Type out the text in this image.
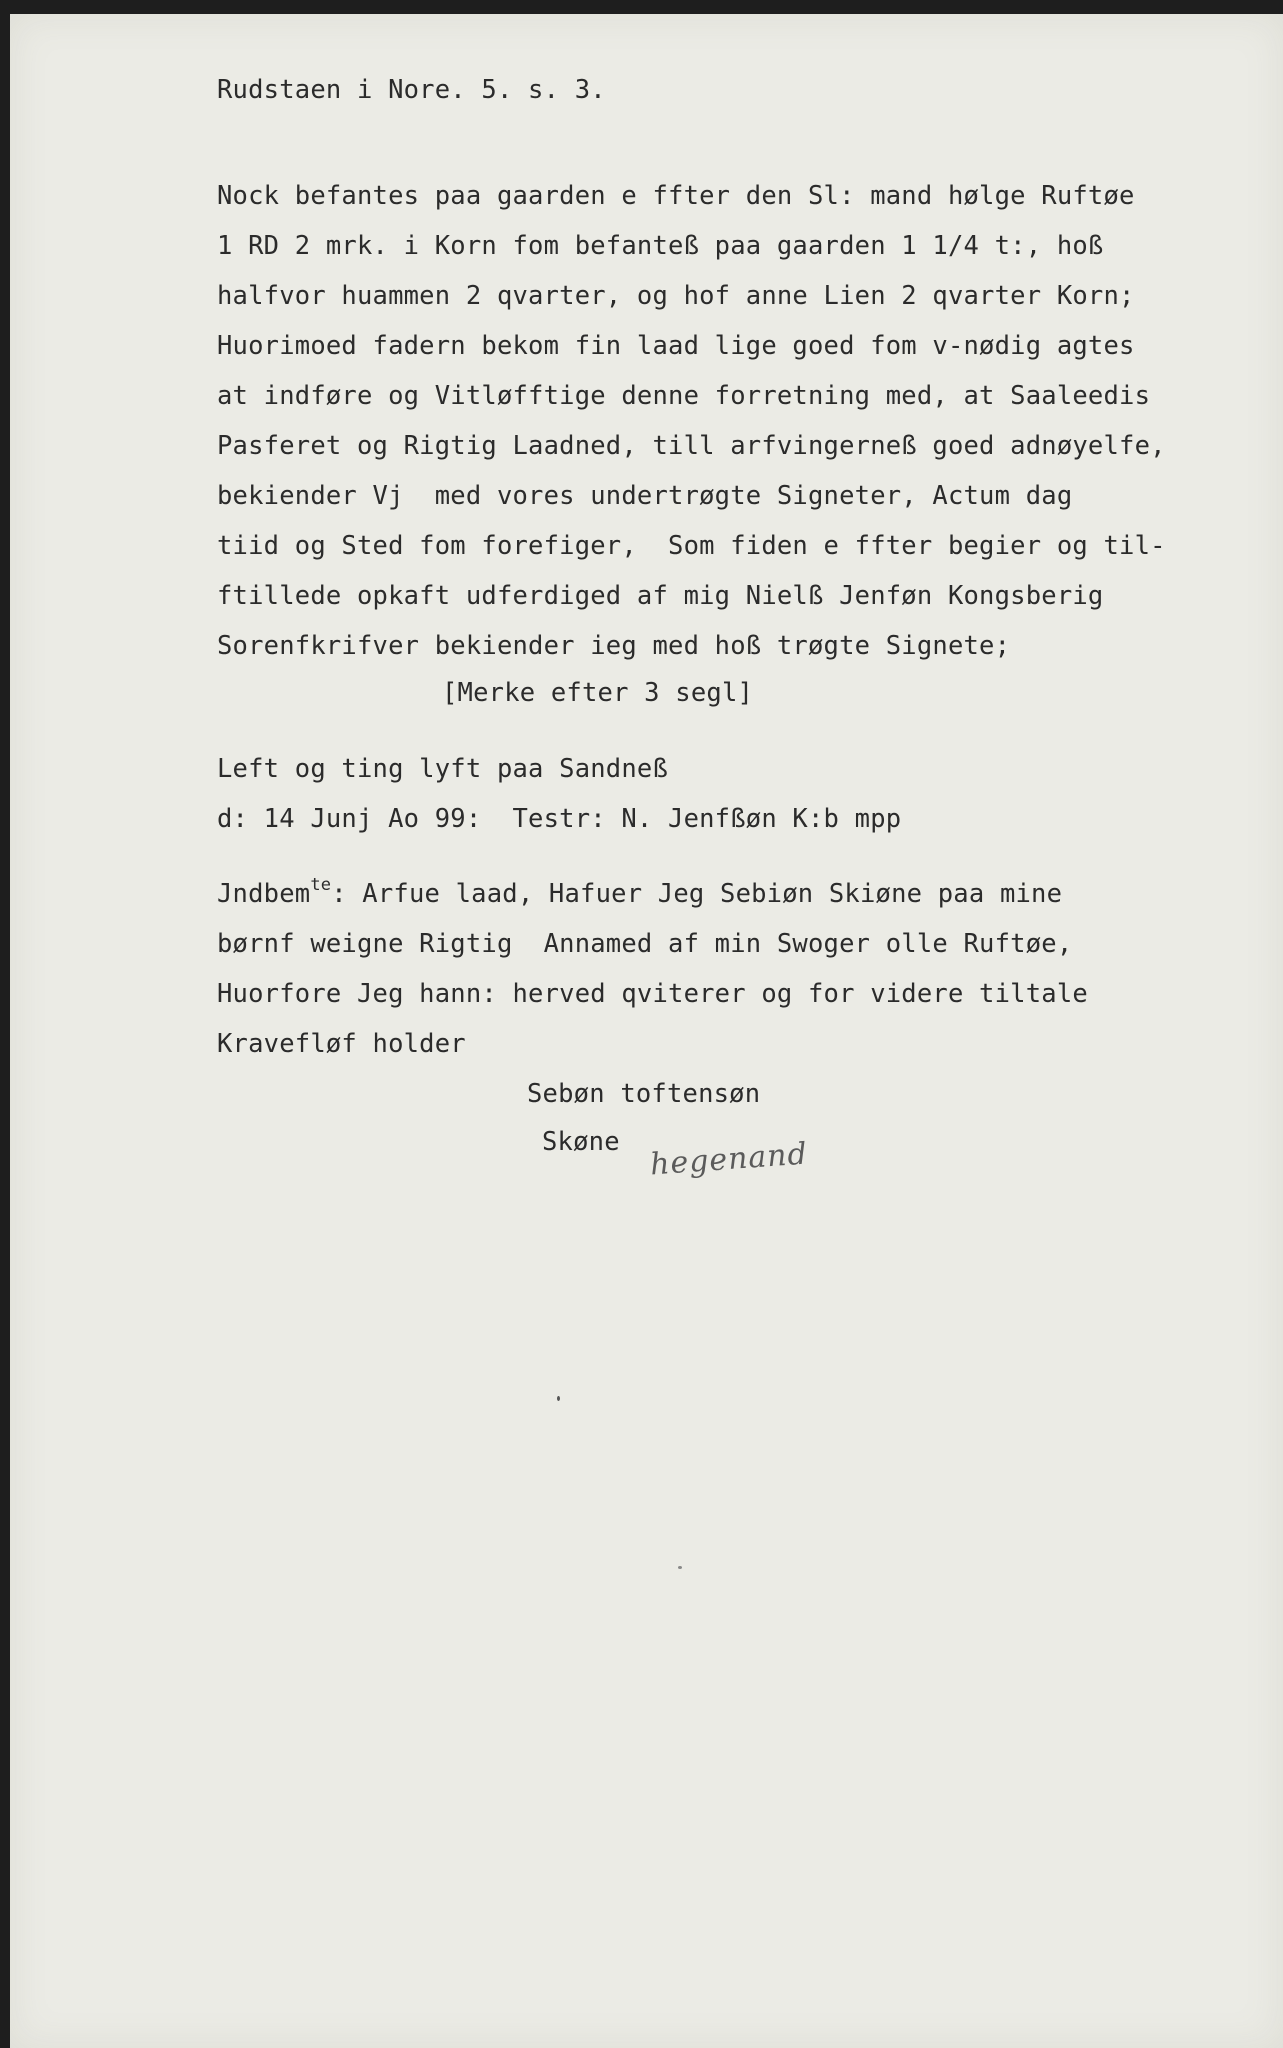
Rudstaen i Nore. 5. s. 3.

Nock befantes paa gaarden e ffter den Sl: mand hølge Ruftøe

1 RD 2 mrk. i Korn fom befanteß paa gaarden 1 1/4 t:, hoß

halfvor huammen 2 qvarter, og hof anne Lien 2 qvarter Korn;

Huorimoed fadern bekom fin laad lige goed fom v-nødig agtes

at indføre og Vitløfftige denne forretning med, at Saaleedis

Pasferet og Rigtig Laadned, till arfvingerneß goed adnøyelfe,

bekiender Vj  med vores undertrøgte Signeter, Actum dag

tiid og Sted fom forefiger,  Som fiden e ffter begier og til-

ftillede opkaft udferdiged af mig Nielß Jenføn Kongsberig

Sorenfkrifver bekiender ieg med hoß trøgte Signete;

[Merke efter 3 segl]
Left og ting lyft paa Sandneß
d: 14 Junj Ao 99:  Testr: N. Jenfßøn K:b mpp
Jndbem$^{te}$: Arfue laad, Hafuer Jeg Sebiøn Skiøne paa mine
børnf weigne Rigtig  Annamed af min Swoger olle Ruftøe,
Huorfore Jeg hann: herved qviterer og for videre tiltale
Kravefløf holder
Sebøn toftensøn
Skøne hegenand
